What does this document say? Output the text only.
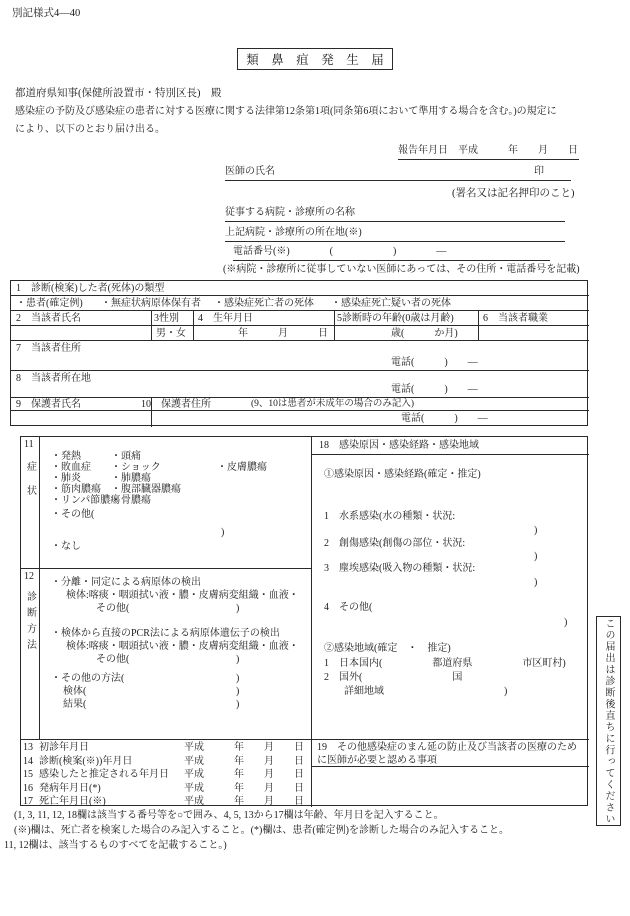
別記様式4―40
類　鼻　疽　発　生　届
都道府県知事(保健所設置市・特別区長)　殿
感染症の予防及び感染症の患者に対する医療に関する法律第12条第1項(同条第6項において準用する場合を含む。)の規定に
により、以下のとおり届け出る。
報告年月日　平成　　　年　　月　　日
医師の氏名	印
(署名又は記名押印のこと)
従事する病院・診療所の名称
上記病院・診療所の所在地(※)
電話番号(※)　　　　(　　　　　　)　　　　―
(※病院・診療所に従事していない医師にあっては、その住所・電話番号を記載)
1　診断(検案)した者(死体)の類型
・患者(確定例) ・無症状病原体保有者 ・感染症死亡者の死体 ・感染症死亡疑い者の死体
2　当該者氏名	3性別 4　生年月日	5診断時の年齢(0歳は月齢)	6　当該者職業
男・女	年　　　月　　　日	歳(　　　か月)
7　当該者住所
電話(　　　)　　―
8　当該者所在地
電話(　　　)　　―
9　保護者氏名	10　保護者住所	(9、10は患者が未成年の場合のみ記入)
電話(　　　)　　―
11
症状
・発熱	・頭痛
・敗血症 ・ショック	・皮膚膿瘍
・肺炎	・肺膿瘍
・筋肉膿瘍 ・腹部臓器膿瘍
・リンパ節膿瘍
・骨膿瘍
・その他(
)
・なし
12
診断方法
・分離・同定による病原体の検出
検体:喀痰・咽頭拭い液・膿・皮膚病変組織・血液・
その他(	)
・検体から直接のPCR法による病原体遺伝子の検出
検体:喀痰・咽頭拭い液・膿・皮膚病変組織・血液・
その他(	)
・その他の方法(	)
検体(	)
結果(	)
18　感染原因・感染経路・感染地域
①感染原因・感染経路(確定・推定)
1　水系感染(水の種類・状況:
)
2　創傷感染(創傷の部位・状況:
)
3　塵埃感染(吸入物の種類・状況:
)
4　その他(
)
②感染地域(確定　・　推定)
1　日本国内(　　　　　都道府県　　　　　市区町村)
2　国外(　　　　　　　　　国
詳細地域	)
13 初診年月日	平成　　　年　　月　　日
14 診断(検案(※))年月日	平成　　　年　　月　　日
15 感染したと推定される年月日 平成　　　年　　月　　日
16 発病年月日(*)	平成　　　年　　月　　日
17 死亡年月日(※)	平成　　　年　　月　　日
19　その他感染症のまん延の防止及び当該者の医療のため
に医師が必要と認める事項	この届出は診断後直ちに行ってください
(1, 3, 11, 12, 18欄は該当する番号等を○で囲み、4, 5, 13から17欄は年齢、年月日を記入すること。
(※)欄は、死亡者を検案した場合のみ記入すること。(*)欄は、患者(確定例)を診断した場合のみ記入すること。
11, 12欄は、該当するものすべてを記載すること。)
